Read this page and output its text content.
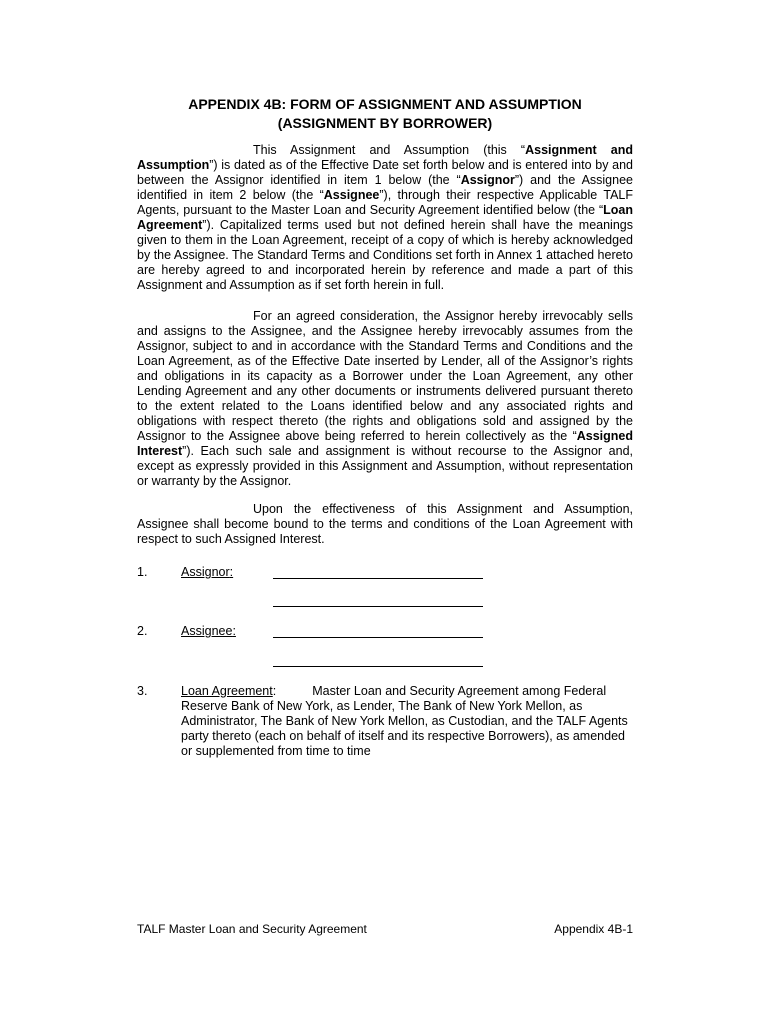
APPENDIX 4B: FORM OF ASSIGNMENT AND ASSUMPTION
(ASSIGNMENT BY BORROWER)
This Assignment and Assumption (this “Assignment and Assumption”) is dated as of the Effective Date set forth below and is entered into by and between the Assignor identified in item 1 below (the “Assignor”) and the Assignee identified in item 2 below (the “Assignee”), through their respective Applicable TALF Agents, pursuant to the Master Loan and Security Agreement identified below (the “Loan Agreement”). Capitalized terms used but not defined herein shall have the meanings given to them in the Loan Agreement, receipt of a copy of which is hereby acknowledged by the Assignee. The Standard Terms and Conditions set forth in Annex 1 attached hereto are hereby agreed to and incorporated herein by reference and made a part of this Assignment and Assumption as if set forth herein in full.
For an agreed consideration, the Assignor hereby irrevocably sells and assigns to the Assignee, and the Assignee hereby irrevocably assumes from the Assignor, subject to and in accordance with the Standard Terms and Conditions and the Loan Agreement, as of the Effective Date inserted by Lender, all of the Assignor’s rights and obligations in its capacity as a Borrower under the Loan Agreement, any other Lending Agreement and any other documents or instruments delivered pursuant thereto to the extent related to the Loans identified below and any associated rights and obligations with respect thereto (the rights and obligations sold and assigned by the Assignor to the Assignee above being referred to herein collectively as the “Assigned Interest”). Each such sale and assignment is without recourse to the Assignor and, except as expressly provided in this Assignment and Assumption, without representation or warranty by the Assignor.
Upon the effectiveness of this Assignment and Assumption, Assignee shall become bound to the terms and conditions of the Loan Agreement with respect to such Assigned Interest.
1.	Assignor:
2.	Assignee:
3.	Loan Agreement:	Master Loan and Security Agreement among Federal Reserve Bank of New York, as Lender, The Bank of New York Mellon, as Administrator, The Bank of New York Mellon, as Custodian, and the TALF Agents party thereto (each on behalf of itself and its respective Borrowers), as amended or supplemented from time to time
TALF Master Loan and Security Agreement	Appendix 4B-1
